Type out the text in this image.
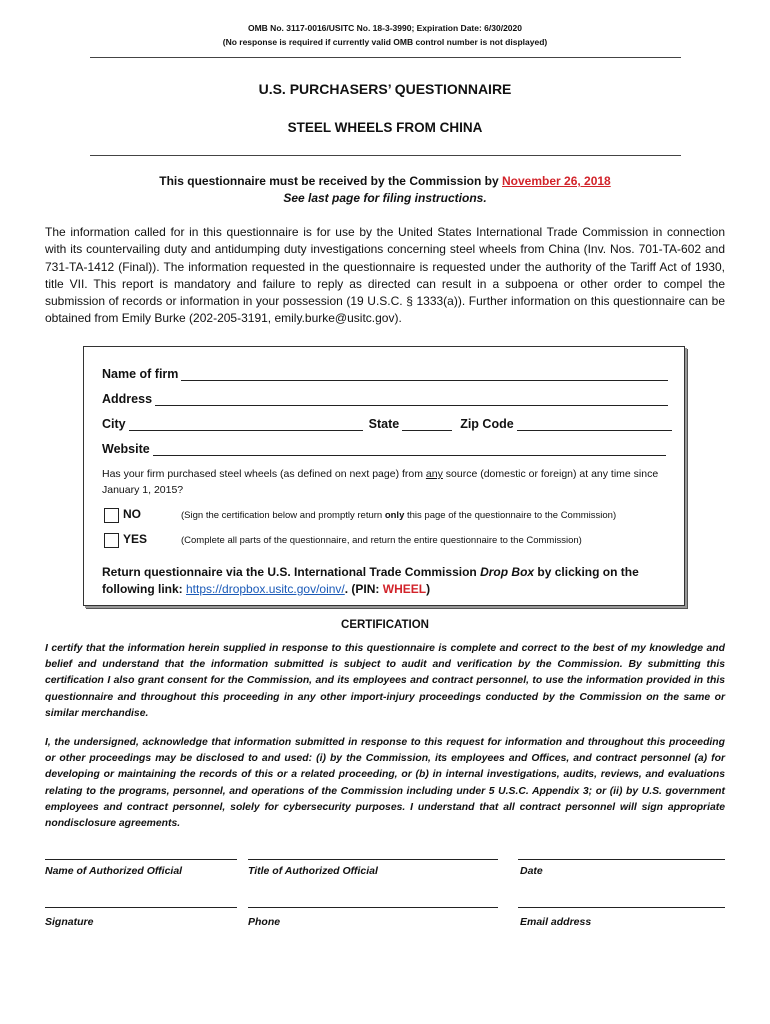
OMB No. 3117-0016/USITC No. 18-3-3990; Expiration Date: 6/30/2020
(No response is required if currently valid OMB control number is not displayed)
U.S. PURCHASERS’ QUESTIONNAIRE
STEEL WHEELS FROM CHINA
This questionnaire must be received by the Commission by November 26, 2018
See last page for filing instructions.
The information called for in this questionnaire is for use by the United States International Trade Commission in connection with its countervailing duty and antidumping duty investigations concerning steel wheels from China (Inv. Nos. 701-TA-602 and 731-TA-1412 (Final)). The information requested in the questionnaire is requested under the authority of the Tariff Act of 1930, title VII. This report is mandatory and failure to reply as directed can result in a subpoena or other order to compel the submission of records or information in your possession (19 U.S.C. § 1333(a)). Further information on this questionnaire can be obtained from Emily Burke (202-205-3191, emily.burke@usitc.gov).
Name of firm
Address
City	State	Zip Code
Website
Has your firm purchased steel wheels (as defined on next page) from any source (domestic or foreign) at any time since January 1, 2015?
NO	(Sign the certification below and promptly return only this page of the questionnaire to the Commission)
YES	(Complete all parts of the questionnaire, and return the entire questionnaire to the Commission)
Return questionnaire via the U.S. International Trade Commission Drop Box by clicking on the following link: https://dropbox.usitc.gov/oinv/. (PIN: WHEEL)
CERTIFICATION
I certify that the information herein supplied in response to this questionnaire is complete and correct to the best of my knowledge and belief and understand that the information submitted is subject to audit and verification by the Commission. By submitting this certification I also grant consent for the Commission, and its employees and contract personnel, to use the information provided in this questionnaire and throughout this proceeding in any other import-injury proceedings conducted by the Commission on the same or similar merchandise.
I, the undersigned, acknowledge that information submitted in response to this request for information and throughout this proceeding or other proceedings may be disclosed to and used: (i) by the Commission, its employees and Offices, and contract personnel (a) for developing or maintaining the records of this or a related proceeding, or (b) in internal investigations, audits, reviews, and evaluations relating to the programs, personnel, and operations of the Commission including under 5 U.S.C. Appendix 3; or (ii) by U.S. government employees and contract personnel, solely for cybersecurity purposes. I understand that all contract personnel will sign appropriate nondisclosure agreements.
Name of Authorized Official	Title of Authorized Official	Date
Signature	Phone	Email address
